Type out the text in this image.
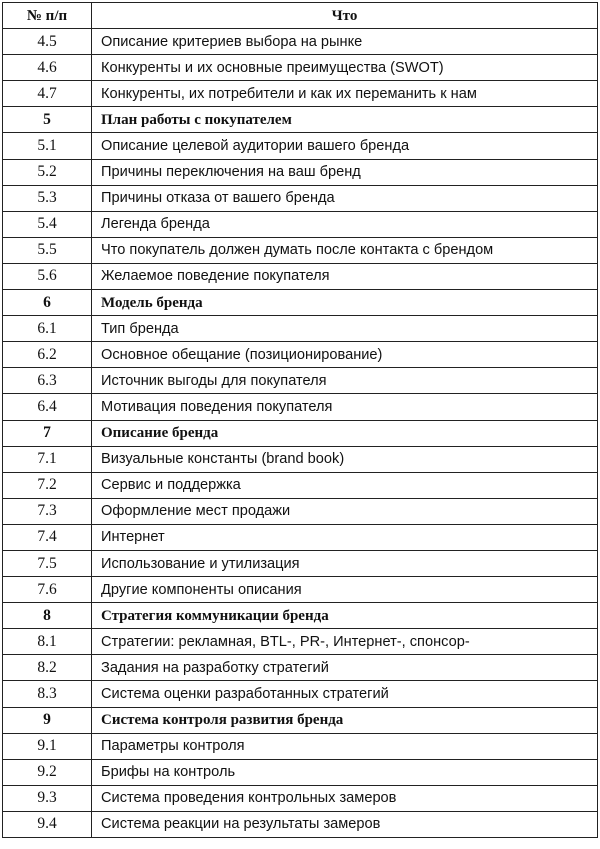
№ п/п	Что
4.5	Описание критериев выбора на рынке
4.6	Конкуренты и их основные преимущества (SWOT)
4.7	Конкуренты, их потребители и как их переманить к нам
5	План работы с покупателем
5.1	Описание целевой аудитории вашего бренда
5.2	Причины переключения на ваш бренд
5.3	Причины отказа от вашего бренда
5.4	Легенда бренда
5.5	Что покупатель должен думать после контакта с брендом
5.6	Желаемое поведение покупателя
6	Модель бренда
6.1	Тип бренда
6.2	Основное обещание (позиционирование)
6.3	Источник выгоды для покупателя
6.4	Мотивация поведения покупателя
7	Описание бренда
7.1	Визуальные константы (brand book)
7.2	Сервис и поддержка
7.3	Оформление мест продажи
7.4	Интернет
7.5	Использование и утилизация
7.6	Другие компоненты описания
8	Стратегия коммуникации бренда
8.1	Стратегии: рекламная, BTL-, PR-, Интернет-, спонсор-
8.2	Задания на разработку стратегий
8.3	Система оценки разработанных стратегий
9	Система контроля развития бренда
9.1	Параметры контроля
9.2	Брифы на контроль
9.3	Система проведения контрольных замеров
9.4	Система реакции на результаты замеров
